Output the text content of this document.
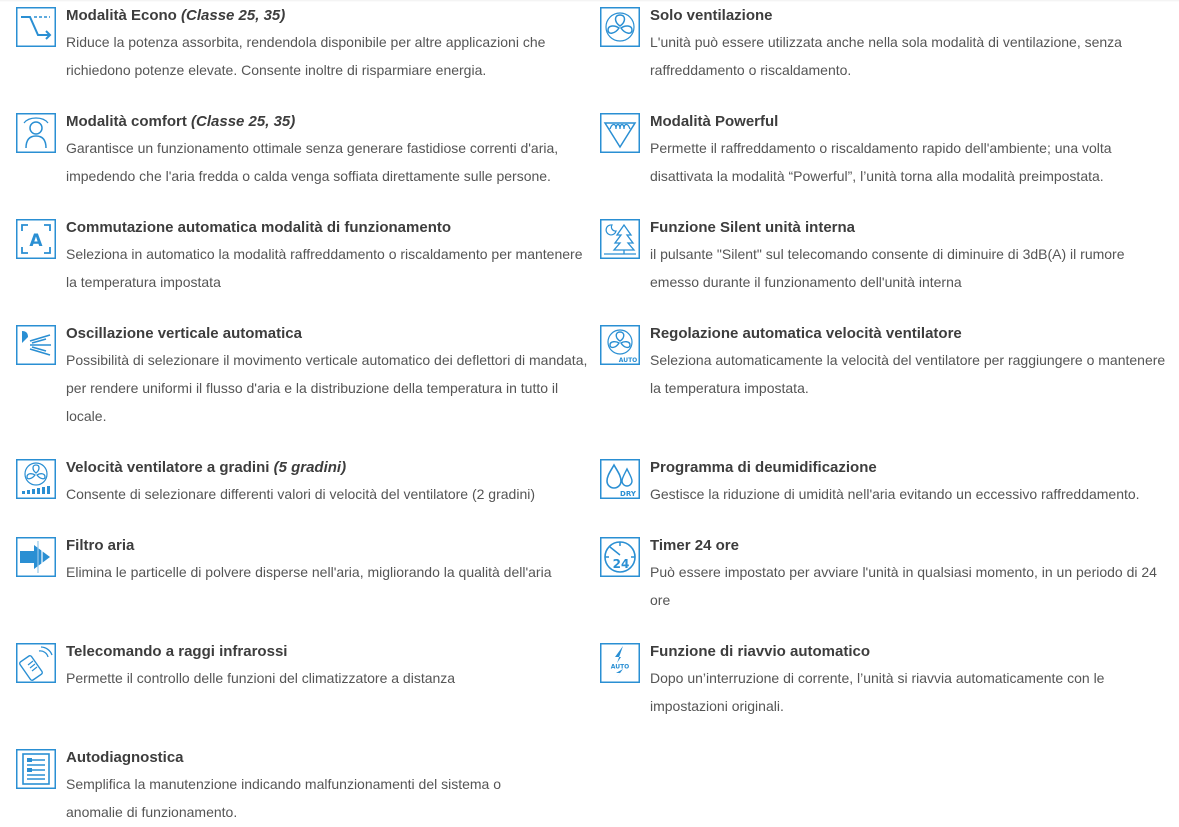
Modalità Econo (Classe 25, 35)
Riduce la potenza assorbita, rendendola disponibile per altre applicazioni che richiedono potenze elevate. Consente inoltre di risparmiare energia.
Solo ventilazione
L'unità può essere utilizzata anche nella sola modalità di ventilazione, senza raffreddamento o riscaldamento.
Modalità comfort (Classe 25, 35)
Garantisce un funzionamento ottimale senza generare fastidiose correnti d'aria, impedendo che l'aria fredda o calda venga soffiata direttamente sulle persone.
Modalità Powerful
Permette il raffreddamento o riscaldamento rapido dell'ambiente; una volta disattivata la modalità “Powerful”, l’unità torna alla modalità preimpostata.
A
Commutazione automatica modalità di funzionamento
Seleziona in automatico la modalità raffreddamento o riscaldamento per mantenere la temperatura impostata
Funzione Silent unità interna
il pulsante "Silent" sul telecomando consente di diminuire di 3dB(A) il rumore emesso durante il funzionamento dell'unità interna
Oscillazione verticale automatica
Possibilità di selezionare il movimento verticale automatico dei deflettori di mandata, per rendere uniformi il flusso d'aria e la distribuzione della temperatura in tutto il locale.
AUTO
Regolazione automatica velocità ventilatore
Seleziona automaticamente la velocità del ventilatore per raggiungere o mantenere la temperatura impostata.
Velocità ventilatore a gradini (5 gradini)
Consente di selezionare differenti valori di velocità del ventilatore (2 gradini)	DRY
Programma di deumidificazione
Gestisce la riduzione di umidità nell'aria evitando un eccessivo raffreddamento.
Filtro aria
Elimina le particelle di polvere disperse nell'aria, migliorando la qualità dell'aria	24
Timer 24 ore
Può essere impostato per avviare l'unità in qualsiasi momento, in un periodo di 24 ore
Telecomando a raggi infrarossi
Permette il controllo delle funzioni del climatizzatore a distanza
AUTO
Funzione di riavvio automatico
Dopo un’interruzione di corrente, l’unità si riavvia automaticamente con le impostazioni originali.
Autodiagnostica
Semplifica la manutenzione indicando malfunzionamenti del sistema o anomalie di funzionamento.
